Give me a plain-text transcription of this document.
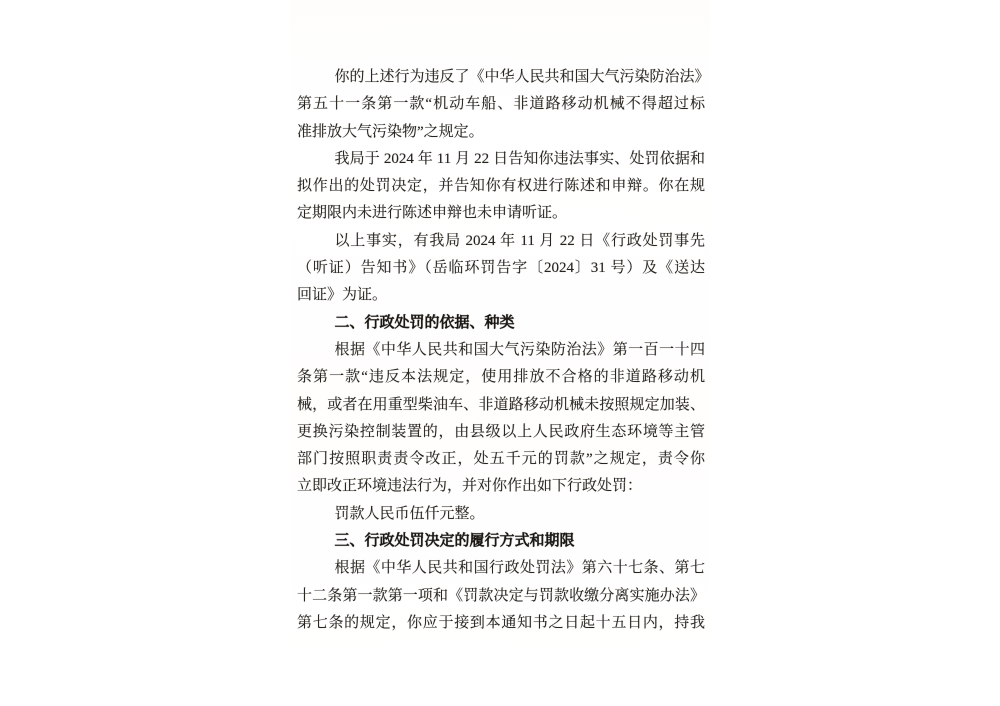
你的上述行为违反了《中华人民共和国大气污染防治法》
第五十一条第一款“机动车船、非道路移动机械不得超过标
准排放大气污染物”之规定。
我局于 2024 年 11 月 22 日告知你违法事实、处罚依据和
拟作出的处罚决定，并告知你有权进行陈述和申辩。你在规
定期限内未进行陈述申辩也未申请听证。
以上事实，有我局 2024 年 11 月 22 日《行政处罚事先
（听证）告知书》（岳临环罚告字〔2024〕31 号）及《送达
回证》为证。
二、行政处罚的依据、种类
根据《中华人民共和国大气污染防治法》第一百一十四
条第一款“违反本法规定，使用排放不合格的非道路移动机
械，或者在用重型柴油车、非道路移动机械未按照规定加装、
更换污染控制装置的，由县级以上人民政府生态环境等主管
部门按照职责责令改正，处五千元的罚款”之规定，责令你
立即改正环境违法行为，并对你作出如下行政处罚：
罚款人民币伍仟元整。
三、行政处罚决定的履行方式和期限
根据《中华人民共和国行政处罚法》第六十七条、第七
十二条第一款第一项和《罚款决定与罚款收缴分离实施办法》
第七条的规定，你应于接到本通知书之日起十五日内，持我
